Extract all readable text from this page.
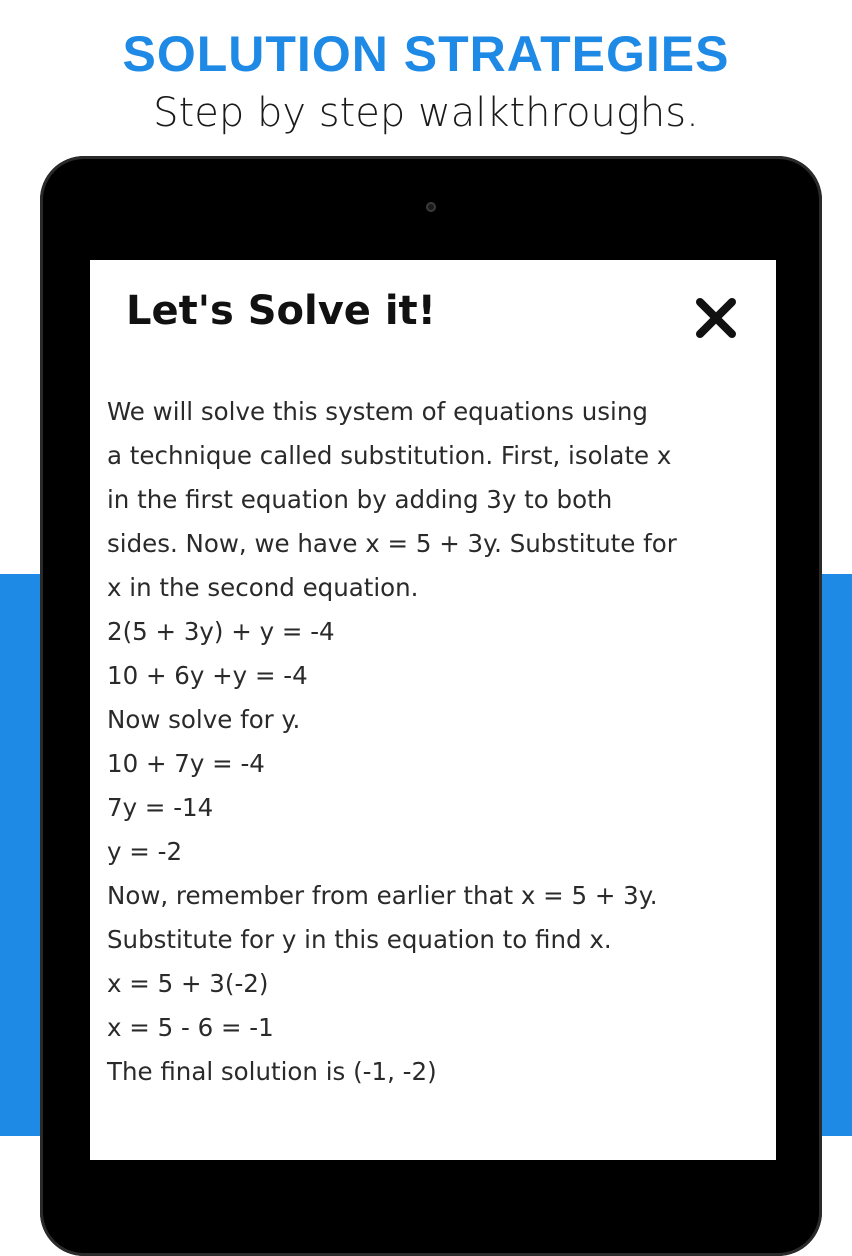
SOLUTION STRATEGIES
Step by step walkthroughs.
Let's Solve it!
We will solve this system of equations using
a technique called substitution. First, isolate x
in the first equation by adding 3y to both
sides. Now, we have x = 5 + 3y. Substitute for
x in the second equation.
2(5 + 3y) + y = -4
10 + 6y +y = -4
Now solve for y.
10 + 7y = -4
7y = -14
y = -2
Now, remember from earlier that x = 5 + 3y.
Substitute for y in this equation to find x.
x = 5 + 3(-2)
x = 5 - 6 = -1
The final solution is (-1, -2)
